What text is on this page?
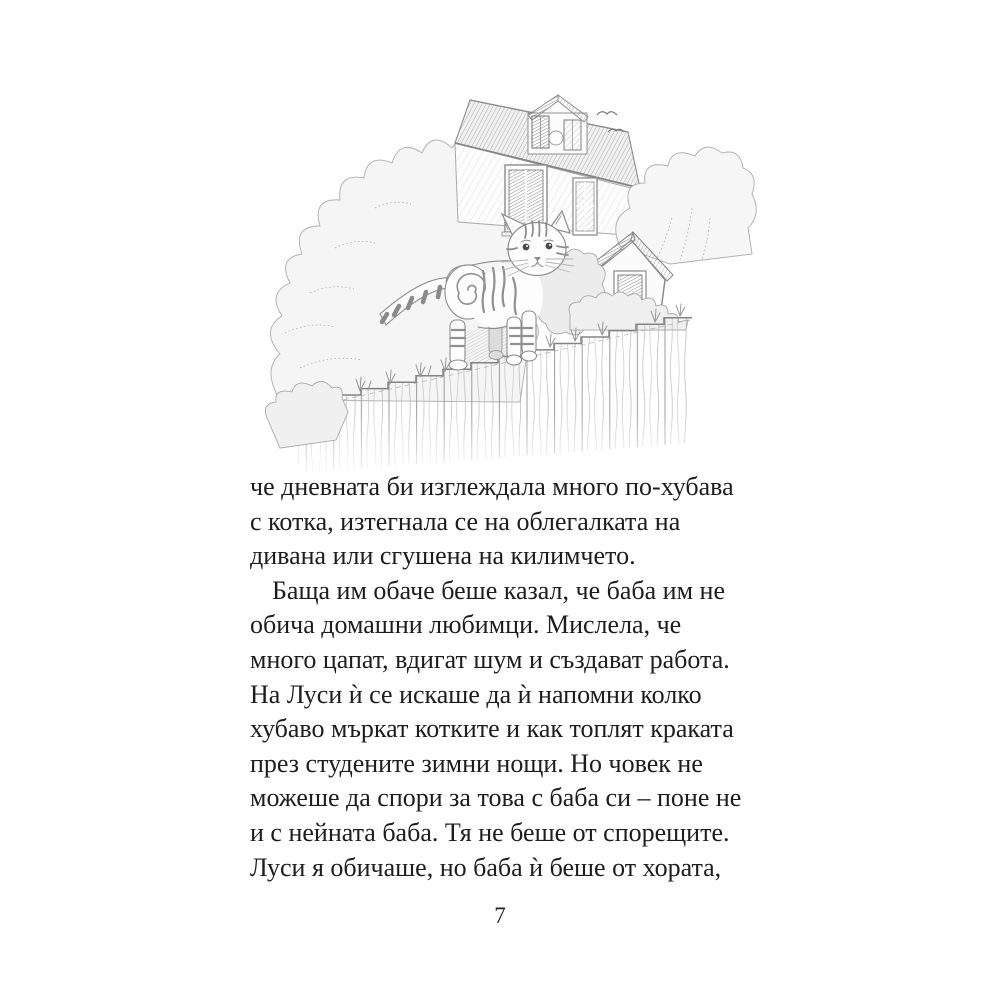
че дневната би изглеждала много по-хубава
с котка, изтегнала се на облегалката на
дивана или сгушена на килимчето.
Баща им обаче беше казал, че баба им не
обича домашни любимци. Мислела, че
много цапат, вдигат шум и създават работа.
На Луси ѝ се искаше да ѝ напомни колко
хубаво мъркат котките и как топлят краката
през студените зимни нощи. Но човек не
можеше да спори за това с баба си – поне не
и с нейната баба. Тя не беше от спорещите.
Луси я обичаше, но баба ѝ беше от хората,
7
